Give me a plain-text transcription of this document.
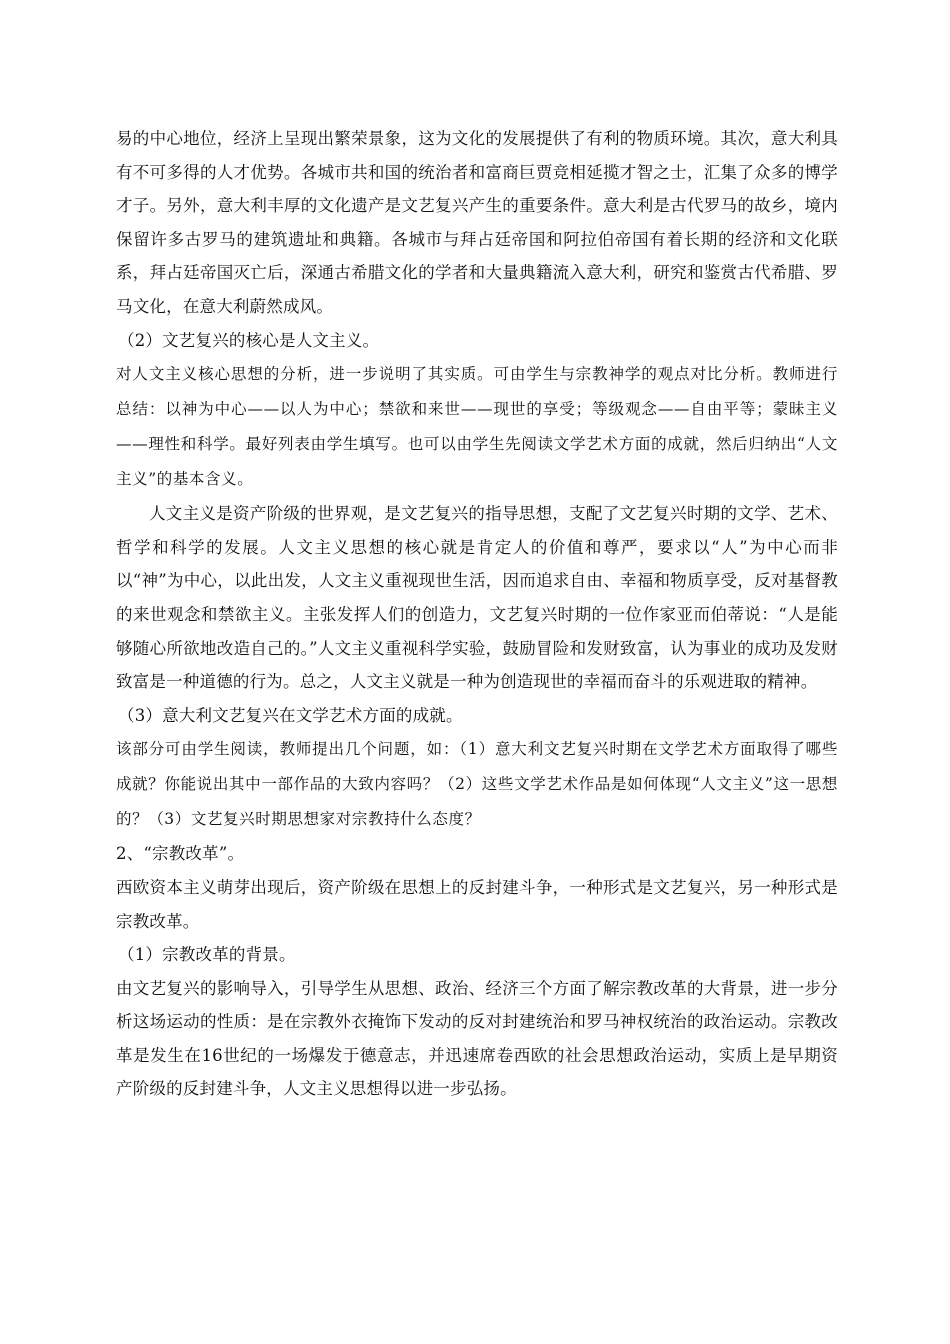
易的中心地位，经济上呈现出繁荣景象，这为文化的发展提供了有利的物质环境。其次，意大利具有不可多得的人才优势。各城市共和国的统治者和富商巨贾竞相延揽才智之士，汇集了众多的博学才子。另外，意大利丰厚的文化遗产是文艺复兴产生的重要条件。意大利是古代罗马的故乡，境内保留许多古罗马的建筑遗址和典籍。各城市与拜占廷帝国和阿拉伯帝国有着长期的经济和文化联系，拜占廷帝国灭亡后，深通古希腊文化的学者和大量典籍流入意大利，研究和鉴赏古代希腊、罗马文化，在意大利蔚然成风。

（2）文艺复兴的核心是人文主义。

对人文主义核心思想的分析，进一步说明了其实质。可由学生与宗教神学的观点对比分析。教师进行总结：以神为中心——以人为中心；禁欲和来世——现世的享受；等级观念——自由平等；蒙昧主义——理性和科学。最好列表由学生填写。也可以由学生先阅读文学艺术方面的成就，然后归纳出“人文主义”的基本含义。

人文主义是资产阶级的世界观，是文艺复兴的指导思想，支配了文艺复兴时期的文学、艺术、哲学和科学的发展。人文主义思想的核心就是肯定人的价值和尊严，要求以“人”为中心而非以“神”为中心，以此出发，人文主义重视现世生活，因而追求自由、幸福和物质享受，反对基督教的来世观念和禁欲主义。主张发挥人们的创造力，文艺复兴时期的一位作家亚而伯蒂说：“人是能够随心所欲地改造自己的。”人文主义重视科学实验，鼓励冒险和发财致富，认为事业的成功及发财致富是一种道德的行为。总之，人文主义就是一种为创造现世的幸福而奋斗的乐观进取的精神。

（3）意大利文艺复兴在文学艺术方面的成就。

该部分可由学生阅读，教师提出几个问题，如：（1）意大利文艺复兴时期在文学艺术方面取得了哪些成就？你能说出其中一部作品的大致内容吗？（2）这些文学艺术作品是如何体现“人文主义”这一思想的？（3）文艺复兴时期思想家对宗教持什么态度？

2、“宗教改革”。

西欧资本主义萌芽出现后，资产阶级在思想上的反封建斗争，一种形式是文艺复兴，另一种形式是宗教改革。

（1）宗教改革的背景。

由文艺复兴的影响导入，引导学生从思想、政治、经济三个方面了解宗教改革的大背景，进一步分析这场运动的性质：是在宗教外衣掩饰下发动的反对封建统治和罗马神权统治的政治运动。宗教改革是发生在16世纪的一场爆发于德意志，并迅速席卷西欧的社会思想政治运动，实质上是早期资产阶级的反封建斗争，人文主义思想得以进一步弘扬。
